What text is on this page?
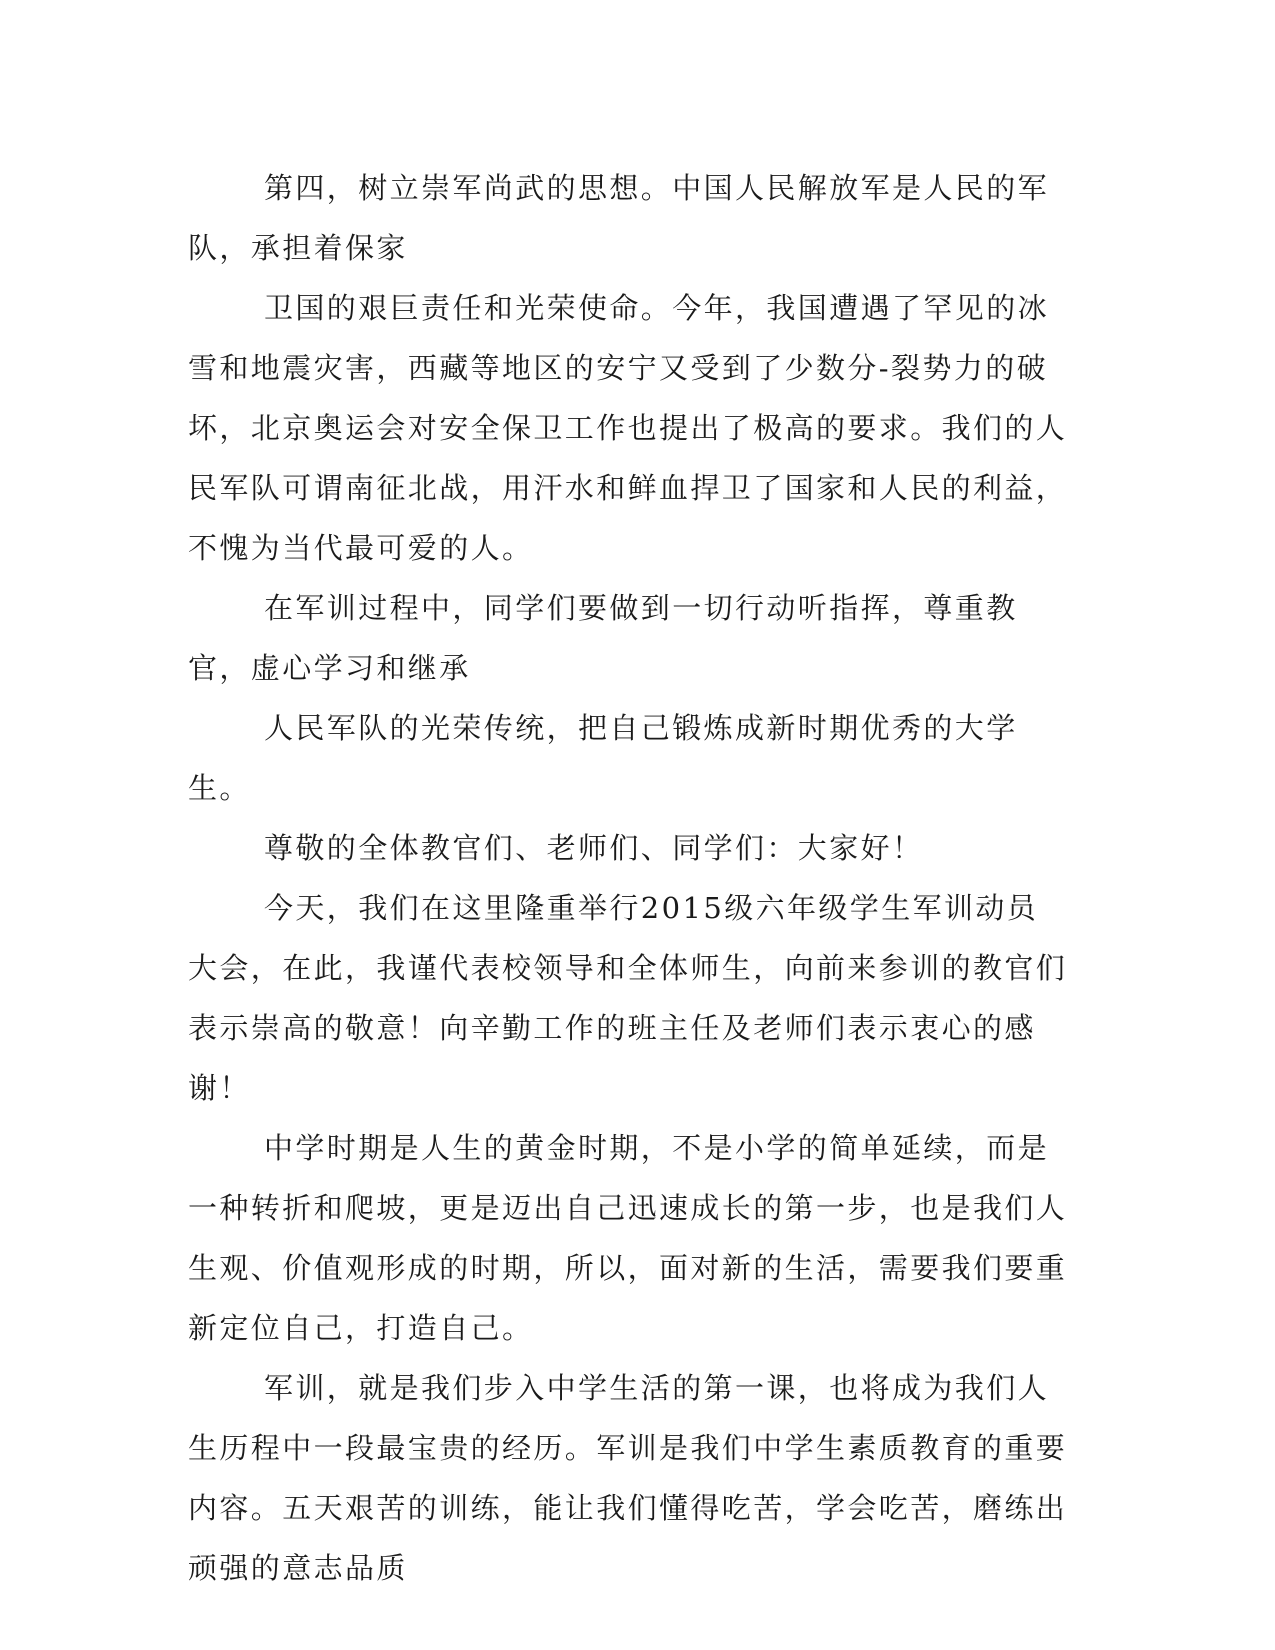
第四，树立崇军尚武的思想。中国人民解放军是人民的军队，承担着保家

卫国的艰巨责任和光荣使命。今年，我国遭遇了罕见的冰雪和地震灾害，西藏等地区的安宁又受到了少数分-裂势力的破坏，北京奥运会对安全保卫工作也提出了极高的要求。我们的人民军队可谓南征北战，用汗水和鲜血捍卫了国家和人民的利益，不愧为当代最可爱的人。

在军训过程中，同学们要做到一切行动听指挥，尊重教官，虚心学习和继承

人民军队的光荣传统，把自己锻炼成新时期优秀的大学生。

尊敬的全体教官们、老师们、同学们：大家好！

今天，我们在这里隆重举行2015级六年级学生军训动员大会，在此，我谨代表校领导和全体师生，向前来参训的教官们表示崇高的敬意！向辛勤工作的班主任及老师们表示衷心的感谢！

中学时期是人生的黄金时期，不是小学的简单延续，而是一种转折和爬坡，更是迈出自己迅速成长的第一步，也是我们人生观、价值观形成的时期，所以，面对新的生活，需要我们要重新定位自己，打造自己。

军训，就是我们步入中学生活的第一课，也将成为我们人生历程中一段最宝贵的经历。军训是我们中学生素质教育的重要内容。五天艰苦的训练，能让我们懂得吃苦，学会吃苦，磨练出顽强的意志品质
